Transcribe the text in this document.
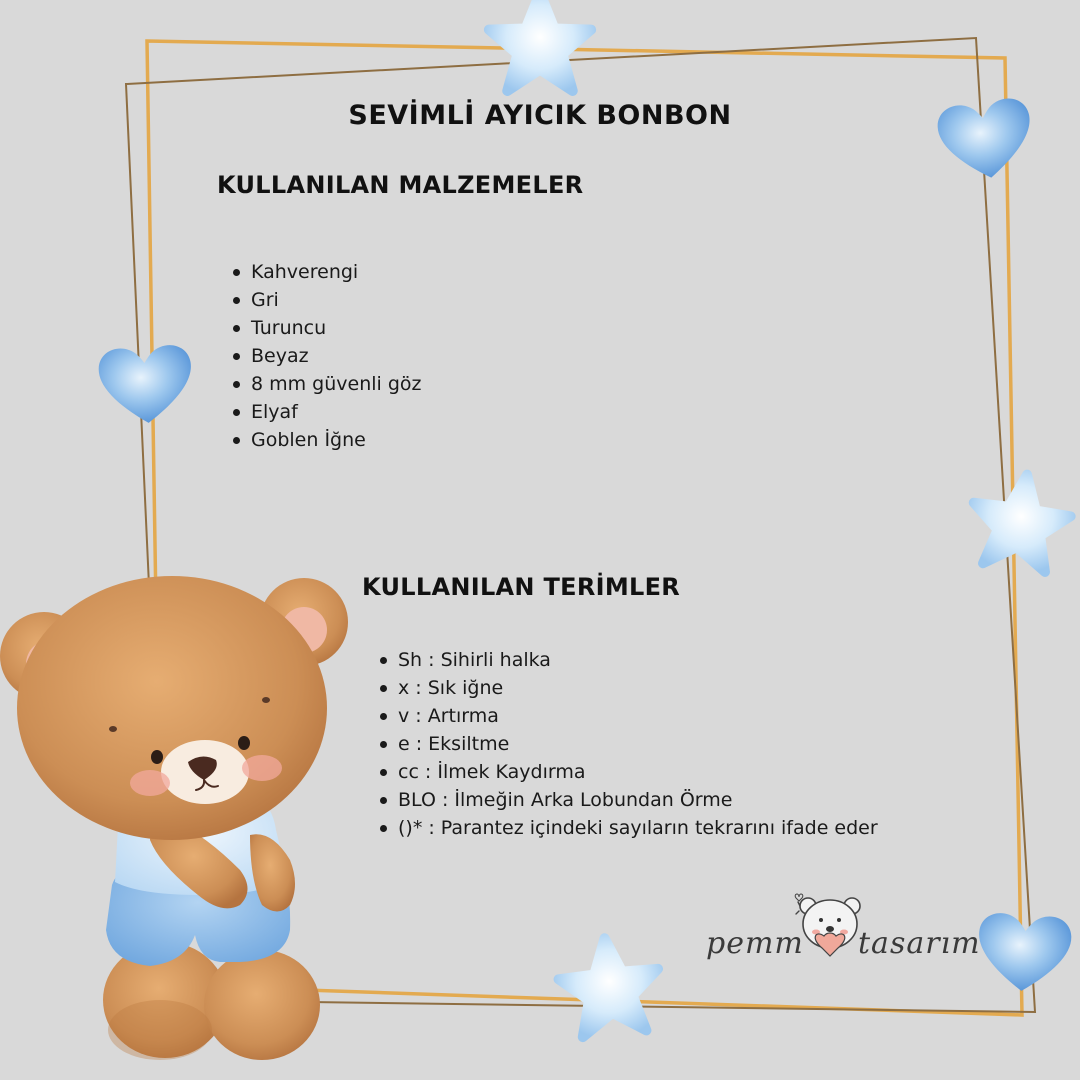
SEVİMLİ AYICIK BONBON
KULLANILAN MALZEMELER
Kahverengi
Gri
Turuncu
Beyaz
8 mm güvenli göz
Elyaf
Goblen İğne
KULLANILAN TERİMLER
Sh : Sihirli halka
x : Sık iğne
v : Artırma
e : Eksiltme
cc : İlmek Kaydırma
BLO : İlmeğin Arka Lobundan Örme
()* : Parantez içindeki sayıların tekrarını ifade eder
pemm tasarım
